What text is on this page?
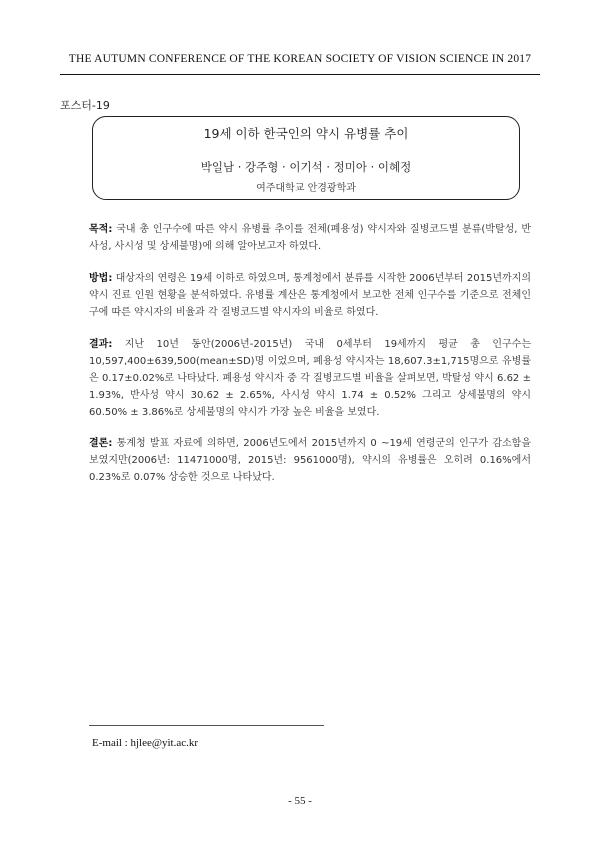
THE AUTUMN CONFERENCE OF THE KOREAN SOCIETY OF VISION SCIENCE IN 2017
포스터-19
19세 이하 한국인의 약시 유병률 추이
박일남 · 강주형 · 이기석 · 정미아 · 이혜정
여주대학교 안경광학과
목적: 국내 총 인구수에 따른 약시 유병률 추이를 전체(폐용성) 약시자와 질병코드별 분류(박탈성, 반사성, 사시성 및 상세불명)에 의해 알아보고자 하였다.
방법: 대상자의 연령은 19세 이하로 하였으며, 통계청에서 분류를 시작한 2006년부터 2015년까지의 약시 진료 인원 현황을 분석하였다. 유병률 계산은 통계청에서 보고한 전체 인구수를 기준으로 전체인구에 따른 약시자의 비율과 각 질병코드별 약시자의 비율로 하였다.
결과: 지난 10년 동안(2006년-2015년) 국내 0세부터 19세까지 평균 총 인구수는 10,597,400±639,500(mean±SD)명 이었으며, 폐용성 약시자는 18,607.3±1,715명으로 유병률은 0.17±0.02%로 나타났다. 폐용성 약시자 중 각 질병코드별 비율을 살펴보면, 박탈성 약시 6.62 ± 1.93%, 반사성 약시 30.62 ± 2.65%, 사시성 약시 1.74 ± 0.52% 그리고 상세불명의 약시 60.50% ± 3.86%로 상세불명의 약시가 가장 높은 비율을 보였다.
결론: 통계청 발표 자료에 의하면, 2006년도에서 2015년까지 0 ~19세 연령군의 인구가 감소함을 보였지만(2006년: 11471000명, 2015년: 9561000명), 약시의 유병률은 오히려 0.16%에서 0.23%로 0.07% 상승한 것으로 나타났다.
E-mail : hjlee@yit.ac.kr
- 55 -
